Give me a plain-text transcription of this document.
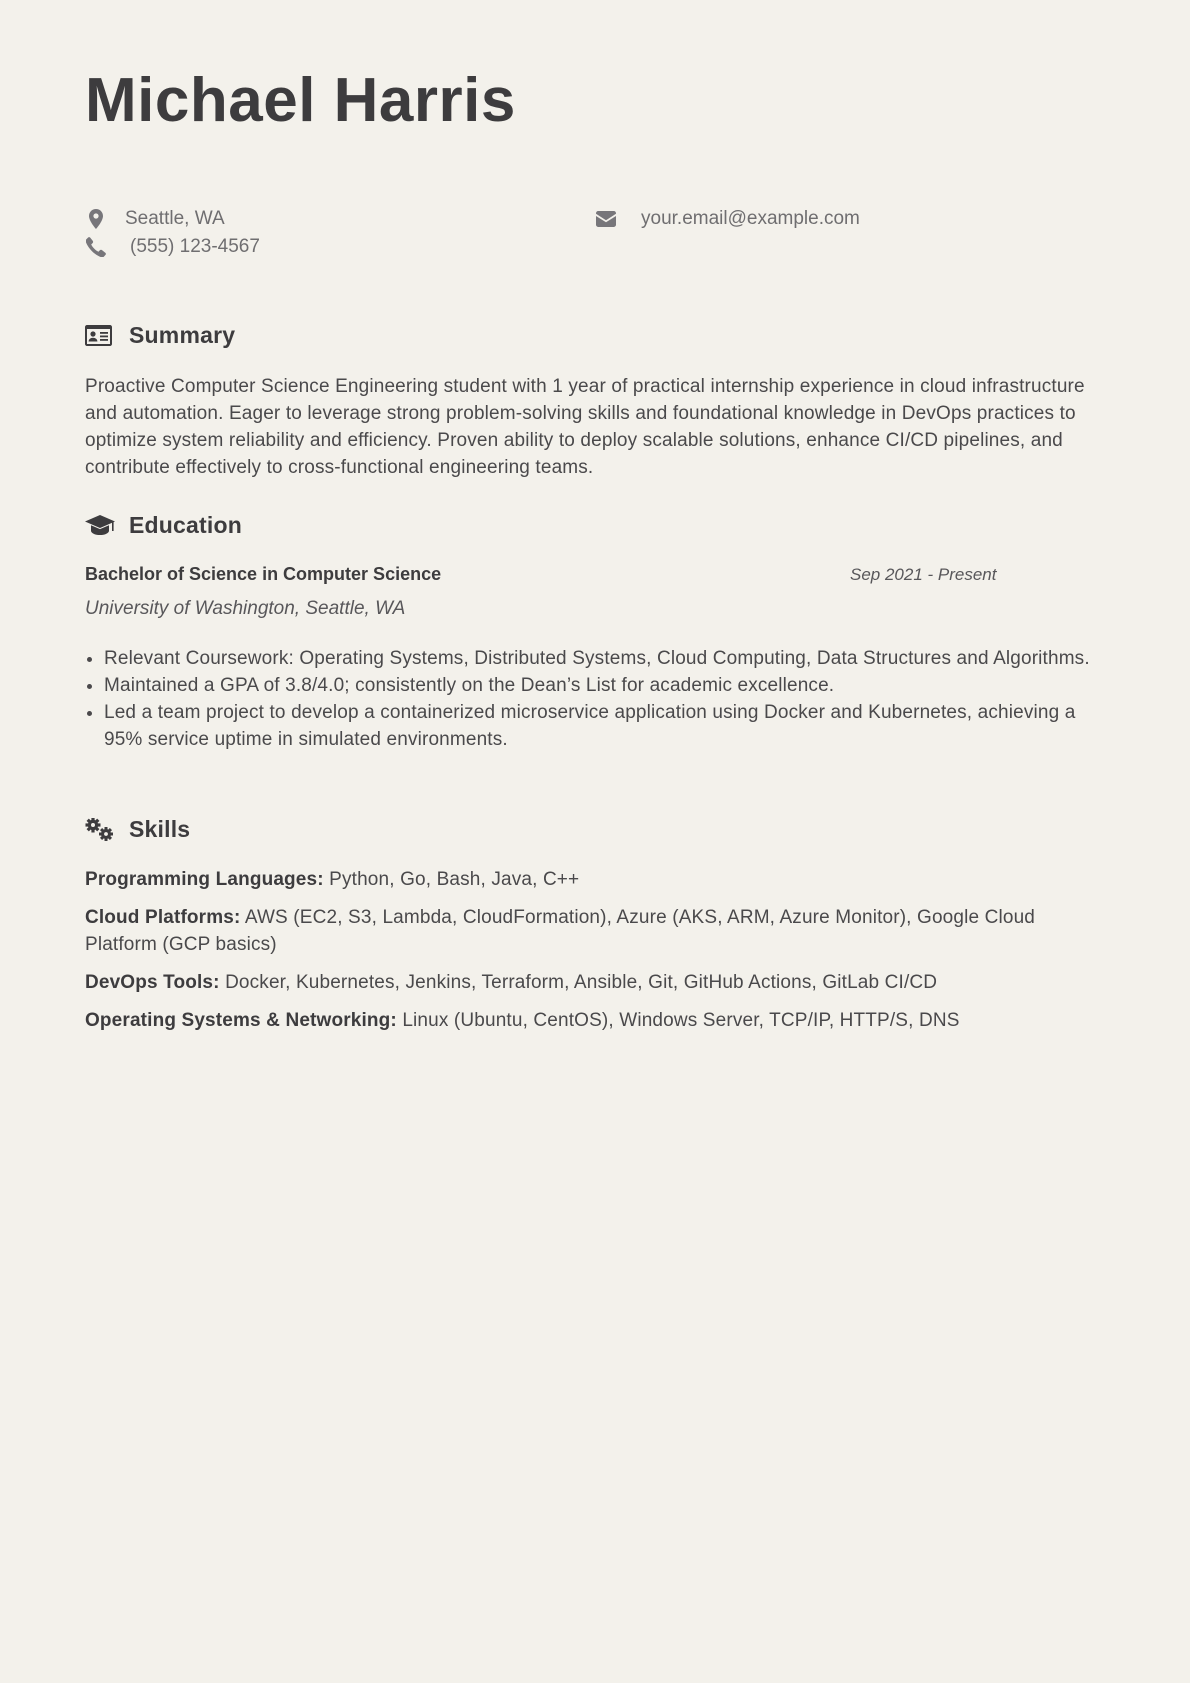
Michael Harris
Seattle, WA	your.email@example.com
(555) 123-4567
Summary

Proactive Computer Science Engineering student with 1 year of practical internship experience in cloud infrastructure and automation. Eager to leverage strong problem-solving skills and foundational knowledge in DevOps practices to optimize system reliability and efficiency. Proven ability to deploy scalable solutions, enhance CI/CD pipelines, and contribute effectively to cross-functional engineering teams.

Education
Bachelor of Science in Computer Science	Sep 2021 - Present
University of Washington, Seattle, WA
Relevant Coursework: Operating Systems, Distributed Systems, Cloud Computing, Data Structures and Algorithms.
Maintained a GPA of 3.8/4.0; consistently on the Dean’s List for academic excellence.
Led a team project to develop a containerized microservice application using Docker and Kubernetes, achieving a 95% service uptime in simulated environments.
Skills

Programming Languages: Python, Go, Bash, Java, C++

Cloud Platforms: AWS (EC2, S3, Lambda, CloudFormation), Azure (AKS, ARM, Azure Monitor), Google Cloud Platform (GCP basics)

DevOps Tools: Docker, Kubernetes, Jenkins, Terraform, Ansible, Git, GitHub Actions, GitLab CI/CD

Operating Systems & Networking: Linux (Ubuntu, CentOS), Windows Server, TCP/IP, HTTP/S, DNS
